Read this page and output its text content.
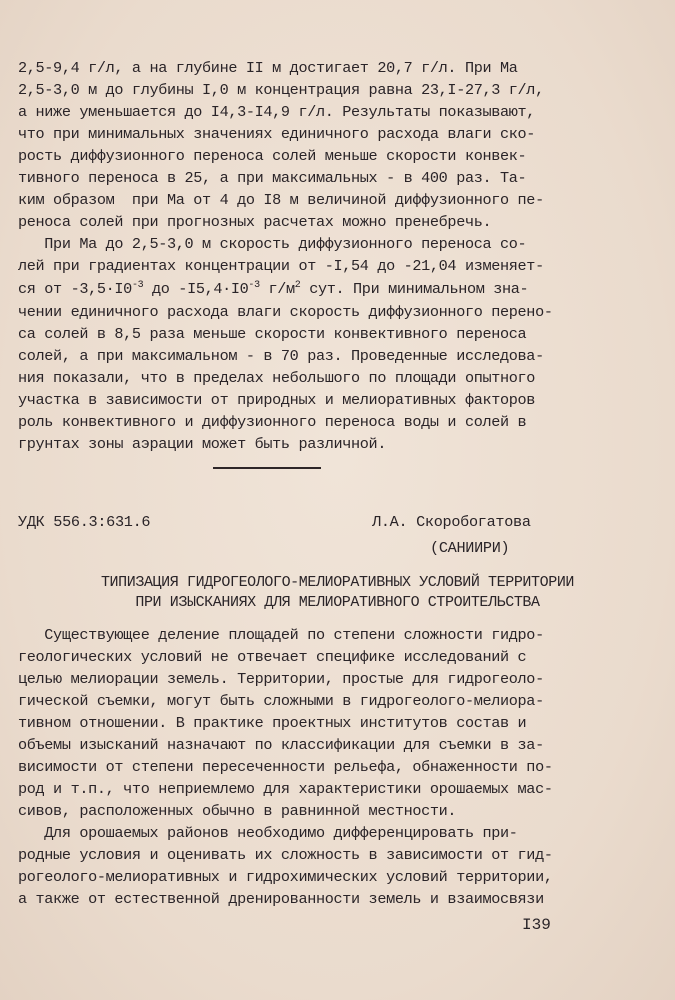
2,5-9,4 г/л, а на глубине II м достигает 20,7 г/л. При Ма
2,5-3,0 м до глубины I,0 м концентрация равна 23,I-27,3 г/л,
а ниже уменьшается до I4,3-I4,9 г/л. Результаты показывают,
что при минимальных значениях единичного расхода влаги ско-
рость диффузионного переноса солей меньше скорости конвек-
тивного переноса в 25, а при максимальных - в 400 раз. Та-
ким образом  при Ма от 4 до I8 м величиной диффузионного пе-
реноса солей при прогнозных расчетах можно пренебречь.
При Ма до 2,5-3,0 м скорость диффузионного переноса со-
лей при градиентах концентрации от -I,54 до -21,04 изменяет-
ся от $-3,5\cdot I0^{-3}$ до $-I5,4\cdot I0^{-3}$ $г/м^2$ сут. При минимальном зна-
чении единичного расхода влаги скорость диффузионного перено-
са солей в 8,5 раза меньше скорости конвективного переноса
солей, а при максимальном - в 70 раз. Проведенные исследова-
ния показали, что в пределах небольшого по площади опытного
участка в зависимости от природных и мелиоративных факторов
роль конвективного и диффузионного переноса воды и солей в
грунтах зоны аэрации может быть различной.
УДК 556.3:631.6	Л.А. Скоробогатова
(САНИИРИ)
ТИПИЗАЦИЯ ГИДРОГЕОЛОГО-МЕЛИОРАТИВНЫХ УСЛОВИЙ ТЕРРИТОРИИ
ПРИ ИЗЫСКАНИЯХ ДЛЯ МЕЛИОРАТИВНОГО СТРОИТЕЛЬСТВА
Существующее деление площадей по степени сложности гидро-
геологических условий не отвечает специфике исследований с
целью мелиорации земель. Территории, простые для гидрогеоло-
гической съемки, могут быть сложными в гидрогеолого-мелиора-
тивном отношении. В практике проектных институтов состав и
объемы изысканий назначают по классификации для съемки в за-
висимости от степени пересеченности рельефа, обнаженности по-
род и т.п., что неприемлемо для характеристики орошаемых мас-
сивов, расположенных обычно в равнинной местности.
Для орошаемых районов необходимо дифференцировать при-
родные условия и оценивать их сложность в зависимости от гид-
рогеолого-мелиоративных и гидрохимических условий территории,
а также от естественной дренированности земель и взаимосвязи
I39
